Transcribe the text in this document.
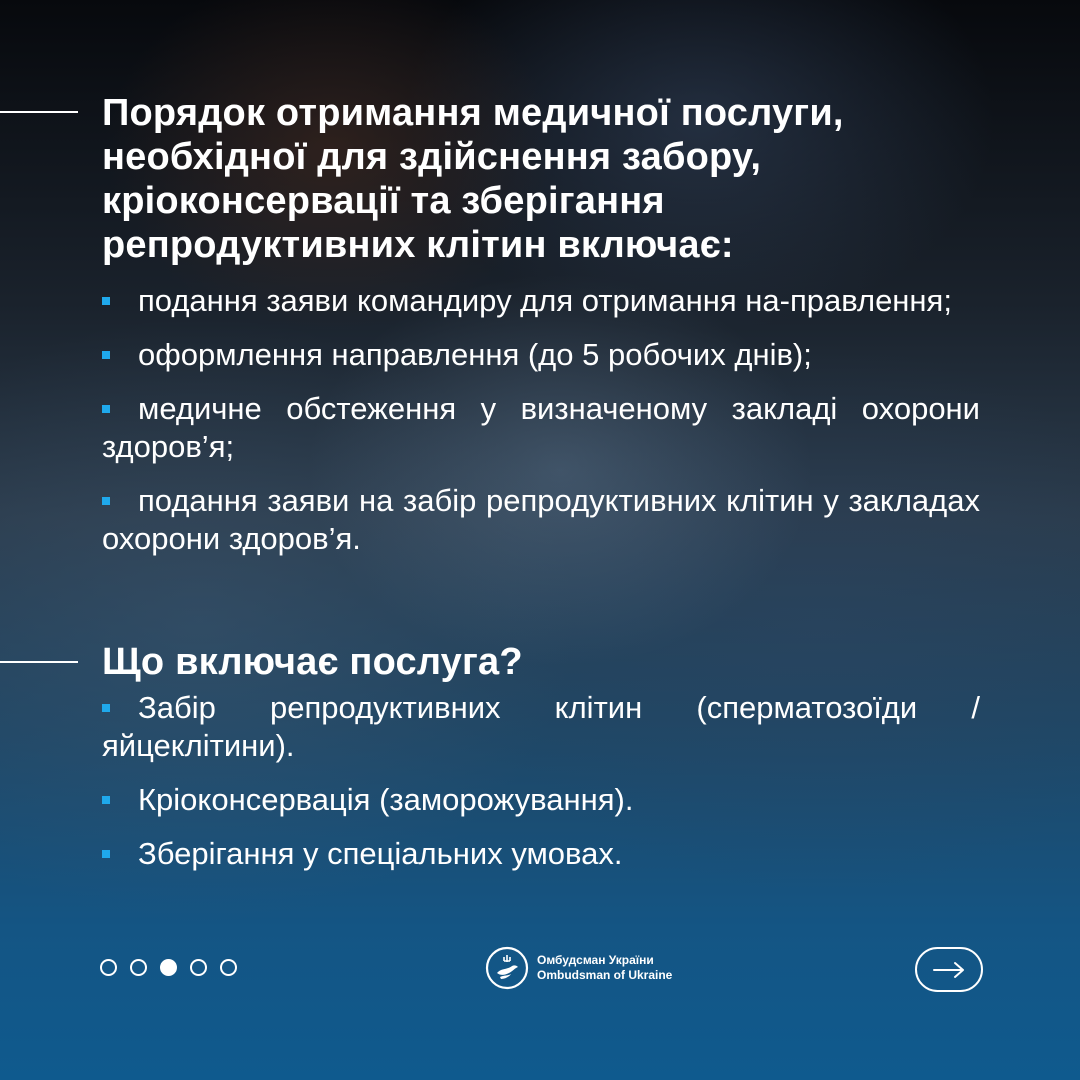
Порядок отримання медичної послуги, необхідної для здійснення забору, кріоконсервації та зберігання репродуктивних клітин включає:
подання заяви командиру для отримання на-правлення;
оформлення направлення (до 5 робочих днів);
медичне обстеження у визначеному закладі охорони здоров’я;
подання заяви на забір репродуктивних клітин у закладах охорони здоров’я.
Що включає послуга?
Забір репродуктивних клітин (сперматозоїди / яйцеклітини).
Кріоконсервація (заморожування).
Зберігання у спеціальних умовах.
Омбудсман України
Ombudsman of Ukraine
